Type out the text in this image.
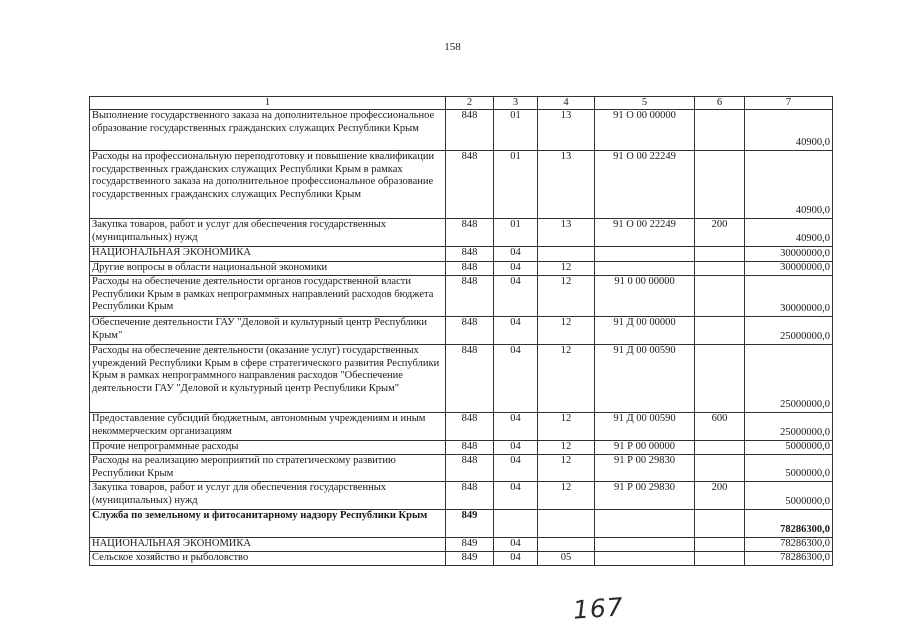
158
1	2	3	4	5	6	7
Выполнение государственного заказа на дополнительное профессиональное образование государственных гражданских служащих Республики Крым	848	01	13	91 О 00 00000		40900,0
Расходы на профессиональную переподготовку и повышение квалификации государственных гражданских служащих Республики Крым в рамках государственного заказа на дополнительное профессиональное образование государственных гражданских служащих Республики Крым	848	01	13	91 О 00 22249		40900,0
Закупка товаров, работ и услуг для обеспечения государственных (муниципальных) нужд	848	01	13	91 О 00 22249	200	40900,0
НАЦИОНАЛЬНАЯ ЭКОНОМИКА	848	04				30000000,0
Другие вопросы в области национальной экономики	848	04	12			30000000,0
Расходы на обеспечение деятельности органов государственной власти Республики Крым в рамках непрограммных направлений расходов бюджета Республики Крым	848	04	12	91 0 00 00000		30000000,0
Обеспечение деятельности ГАУ "Деловой и культурный центр Республики Крым"	848	04	12	91 Д 00 00000		25000000,0
Расходы на обеспечение деятельности (оказание услуг) государственных учреждений Республики Крым в сфере стратегического развития Республики Крым в рамках непрограммного направления расходов "Обеспечение деятельности ГАУ "Деловой и культурный центр Республики Крым"	848	04	12	91 Д 00 00590		25000000,0
Предоставление субсидий бюджетным, автономным учреждениям и иным некоммерческим организациям	848	04	12	91 Д 00 00590	600	25000000,0
Прочие непрограммные расходы	848	04	12	91 Р 00 00000		5000000,0
Расходы на реализацию мероприятий по стратегическому развитию Республики Крым	848	04	12	91 Р 00 29830		5000000,0
Закупка товаров, работ и услуг для обеспечения государственных (муниципальных) нужд	848	04	12	91 Р 00 29830	200	5000000,0
Служба по земельному и фитосанитарному надзору Республики Крым	849					78286300,0
НАЦИОНАЛЬНАЯ ЭКОНОМИКА	849	04				78286300,0
Сельское хозяйство и рыболовство	849	04	05			78286300,0
167
